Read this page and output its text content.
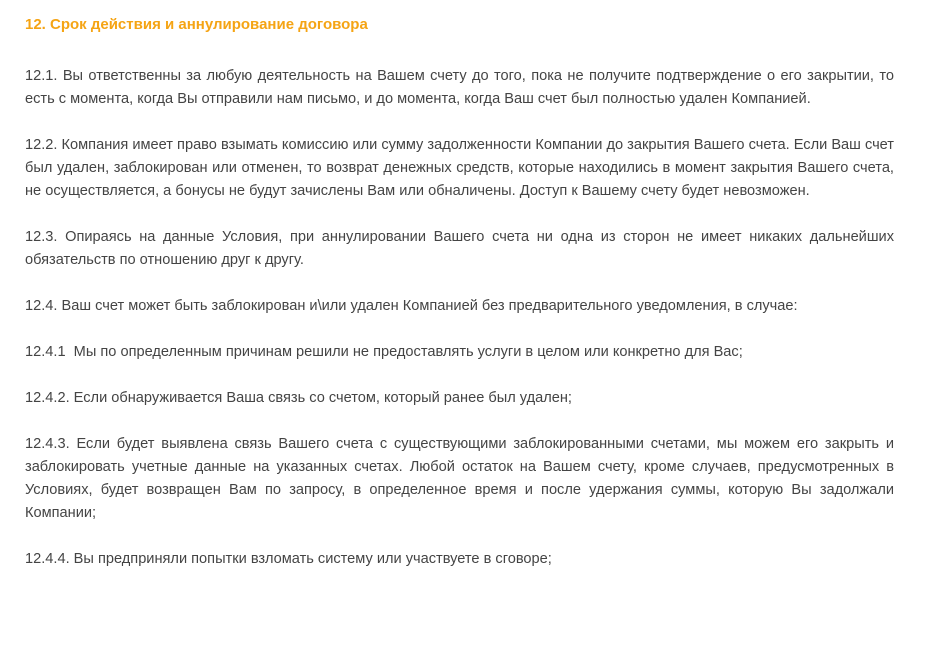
12. Срок действия и аннулирование договора

12.1. Вы ответственны за любую деятельность на Вашем счету до того, пока не получите подтверждение о его закрытии, то есть с момента, когда Вы отправили нам письмо, и до момента, когда Ваш счет был полностью удален Компанией.

12.2. Компания имеет право взымать комиссию или сумму задолженности Компании до закрытия Вашего счета. Если Ваш счет был удален, заблокирован или отменен, то возврат денежных средств, которые находились в момент закрытия Вашего счета, не осуществляется, а бонусы не будут зачислены Вам или обналичены. Доступ к Вашему счету будет невозможен.

12.3. Опираясь на данные Условия, при аннулировании Вашего счета ни одна из сторон не имеет никаких дальнейших обязательств по отношению друг к другу.

12.4. Ваш счет может быть заблокирован и\или удален Компанией без предварительного уведомления, в случае:

12.4.1  Мы по определенным причинам решили не предоставлять услуги в целом или конкретно для Вас;

12.4.2. Если обнаруживается Ваша связь со счетом, который ранее был удален;

12.4.3. Если будет выявлена связь Вашего счета с существующими заблокированными счетами, мы можем его закрыть и заблокировать учетные данные на указанных счетах. Любой остаток на Вашем счету, кроме случаев, предусмотренных в Условиях, будет возвращен Вам по запросу, в определенное время и после удержания суммы, которую Вы задолжали Компании;

12.4.4. Вы предприняли попытки взломать систему или участвуете в сговоре;
